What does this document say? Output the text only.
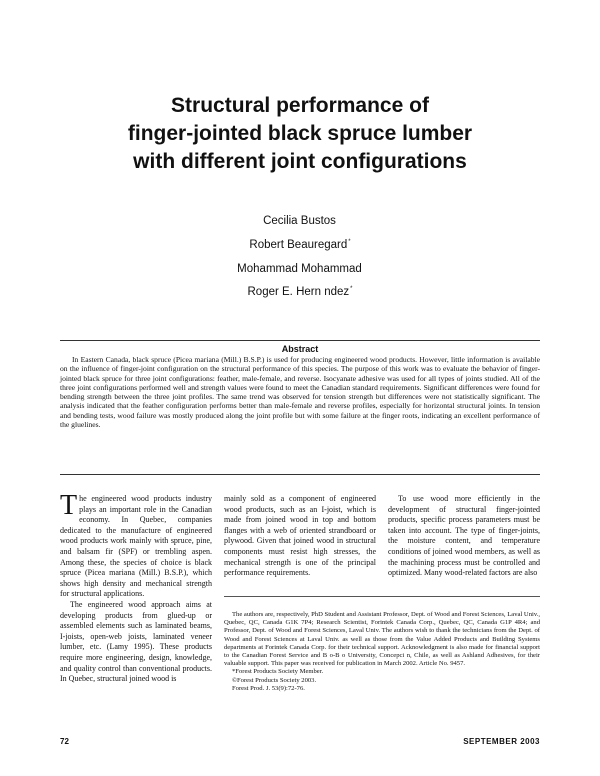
Structural performance of
finger-jointed black spruce lumber
with different joint configurations
Cecilia Bustos
Robert Beauregard*
Mohammad Mohammad
Roger E. Hern ndez*
Abstract

In Eastern Canada, black spruce (Picea mariana (Mill.) B.S.P.) is used for producing engineered wood products. However, little information is available on the influence of finger-joint configuration on the structural performance of this species. The purpose of this work was to evaluate the behavior of finger-jointed black spruce for three joint configurations: feather, male-female, and reverse. Isocyanate adhesive was used for all types of joints studied. All of the three joint configurations performed well and strength values were found to meet the Canadian standard requirements. Significant differences were found for bending strength between the three joint profiles. The same trend was observed for tension strength but differences were not statistically significant. The analysis indicated that the feather configuration performs better than male-female and reverse profiles, especially for horizontal structural joints. In tension and bending tests, wood failure was mostly produced along the joint profile but with some failure at the finger roots, indicating an excellent performance of the gluelines.

The engineered wood products industry plays an important role in the Canadian economy. In Quebec, companies dedicated to the manufacture of engineered wood products work mainly with spruce, pine, and balsam fir (SPF) or trembling aspen. Among these, the species of choice is black spruce (Picea mariana (Mill.) B.S.P.), which shows high density and mechanical strength for structural applications.

The engineered wood approach aims at developing products from glued-up or assembled elements such as laminated beams, I-joists, open-web joists, laminated veneer lumber, etc. (Lamy 1995). These products require more engineering, design, knowledge, and quality control than conventional products. In Quebec, structural joined wood is

mainly sold as a component of engineered wood products, such as an I-joist, which is made from joined wood in top and bottom flanges with a web of oriented strandboard or plywood. Given that joined wood in structural components must resist high stresses, the mechanical strength is one of the principal performance requirements.

To use wood more efficiently in the development of structural finger-jointed products, specific process parameters must be taken into account. The type of finger-joints, the moisture content, and temperature conditions of joined wood members, as well as the machining process must be controlled and optimized. Many wood-related factors are also

The authors are, respectively, PhD Student and Assistant Professor, Dept. of Wood and Forest Sciences, Laval Univ., Quebec, QC, Canada G1K 7P4; Research Scientist, Forintek Canada Corp., Quebec, QC, Canada G1P 4R4; and Professor, Dept. of Wood and Forest Sciences, Laval Univ. The authors wish to thank the technicians from the Dept. of Wood and Forest Sciences at Laval Univ. as well as those from the Value Added Products and Building Systems departments at Forintek Canada Corp. for their technical support. Acknowledgment is also made for financial support to the Canadian Forest Service and B o-B o University, Concepci n, Chile, as well as Ashland Adhesives, for their valuable support. This paper was received for publication in March 2002. Article No. 9457.

*Forest Products Society Member.

©Forest Products Society 2003.

Forest Prod. J. 53(9):72-76.

72	SEPTEMBER 2003
